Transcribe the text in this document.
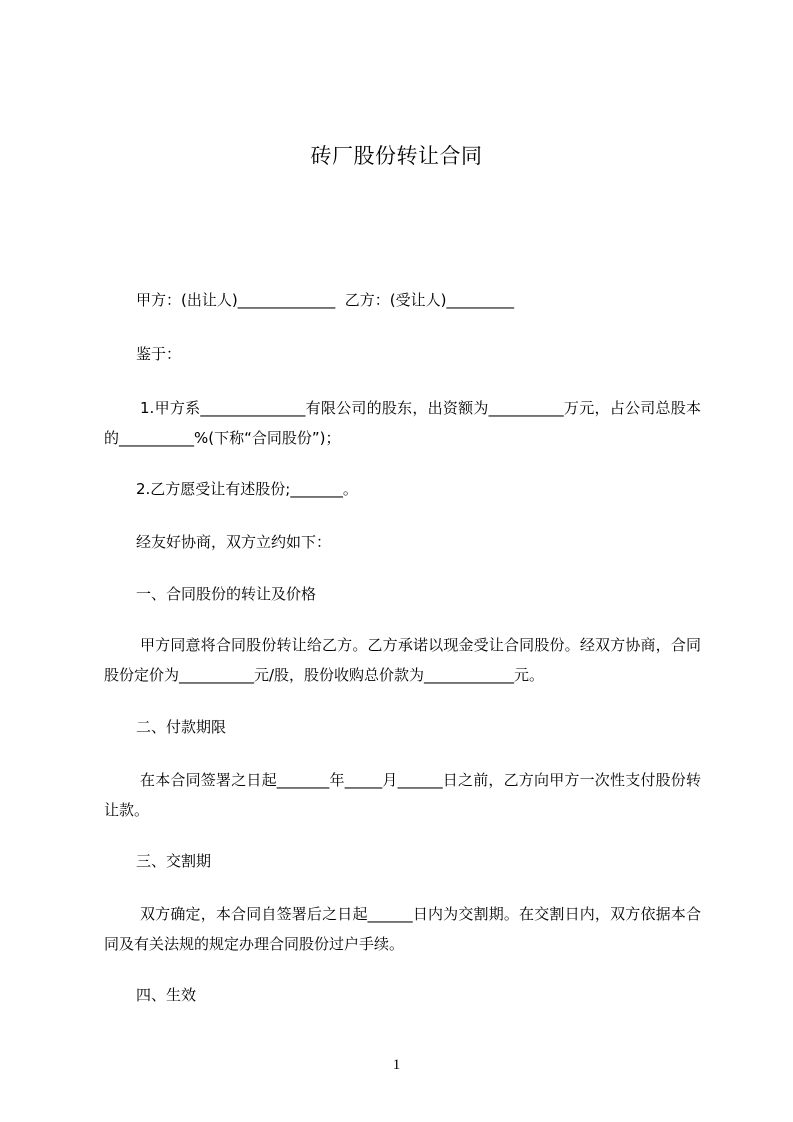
砖厂股份转让合同
甲方：(出让人)_____________  乙方：(受让人)_________
鉴于：
1.甲方系______________有限公司的股东，出资额为__________万元，占公司总股本的__________%(下称“合同股份”)；
2.乙方愿受让有述股份;_______。
经友好协商，双方立约如下：
一、合同股份的转让及价格
甲方同意将合同股份转让给乙方。乙方承诺以现金受让合同股份。经双方协商，合同股份定价为__________元/股，股份收购总价款为____________元。
二、付款期限
在本合同签署之日起_______年_____月______日之前，乙方向甲方一次性支付股份转让款。
三、交割期
双方确定，本合同自签署后之日起______日内为交割期。在交割日内，双方依据本合同及有关法规的规定办理合同股份过户手续。
四、生效
1
